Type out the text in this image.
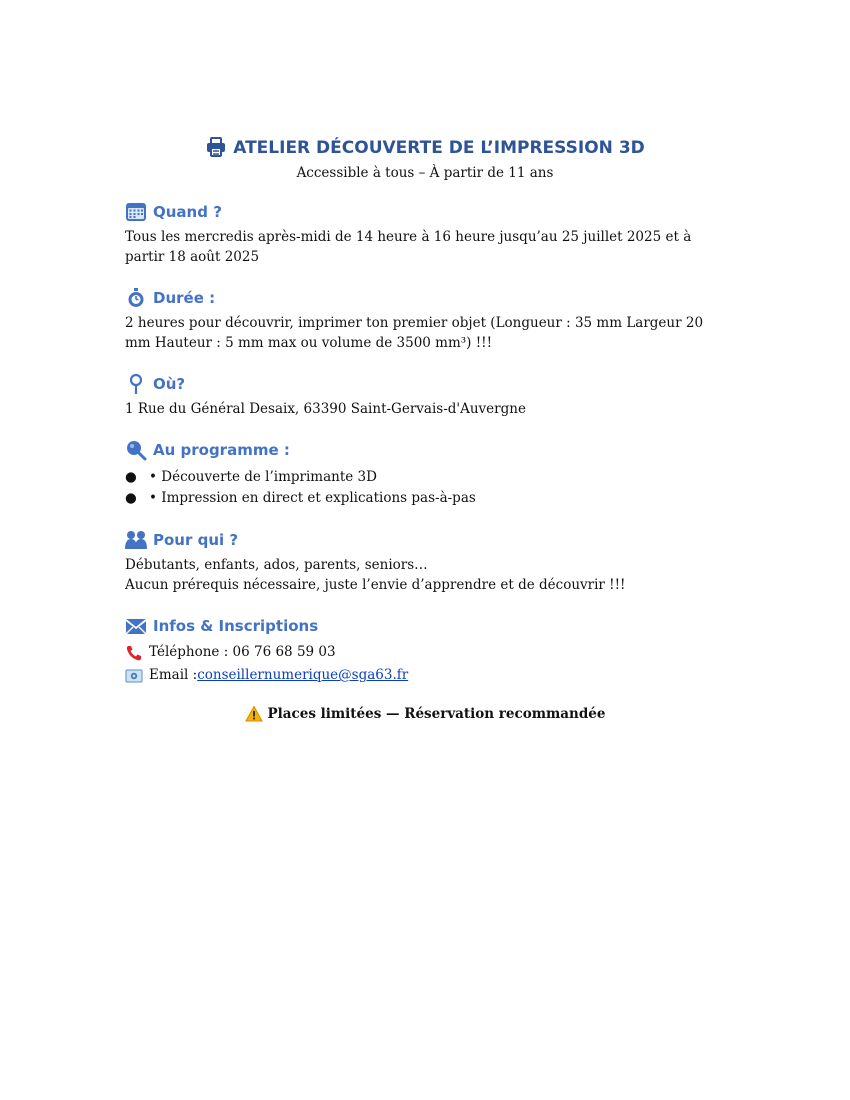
ATELIER DÉCOUVERTE DE L’IMPRESSION 3D
Accessible à tous – À partir de 11 ans
Quand ?
Tous les mercredis après-midi de 14 heure à 16 heure jusqu’au 25 juillet 2025 et à partir 18 août 2025
Durée :
2 heures pour découvrir, imprimer ton premier objet (Longueur : 35 mm Largeur 20 mm Hauteur : 5 mm max ou volume de 3500 mm³) !!!
Où?
1 Rue du Général Desaix, 63390 Saint-Gervais-d'Auvergne
Au programme :
● • Découverte de l’imprimante 3D
● • Impression en direct et explications pas-à-pas
Pour qui ?
Débutants, enfants, ados, parents, seniors…
Aucun prérequis nécessaire, juste l’envie d’apprendre et de découvrir !!!
Infos & Inscriptions
Téléphone : 06 76 68 59 03
Email : conseillernumerique@sga63.fr
Places limitées — Réservation recommandée
